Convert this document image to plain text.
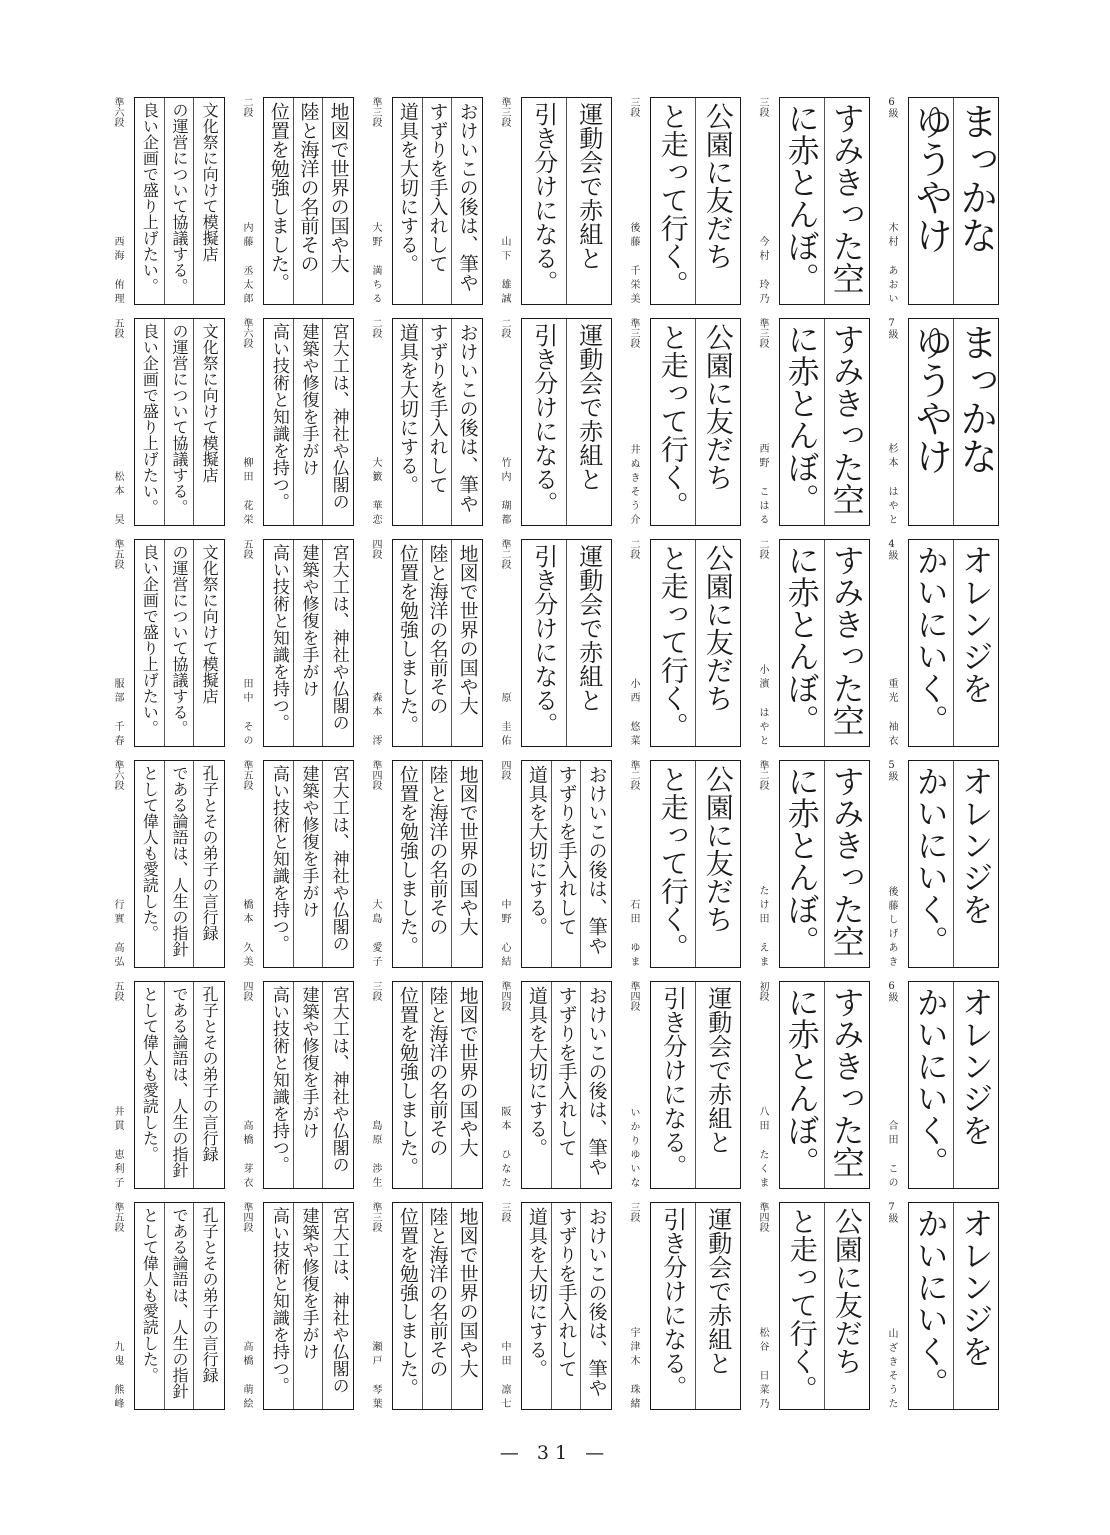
まっかな
ゆうやけ
6級
木村 あおい
すみきった空
に赤とんぼ。
三段
今村 玲乃
公園に友だち
と走って行く。
三段
後藤 千栄美
運動会で赤組と
引き分けになる。
準三段
山下 雄誠
おけいこの後は、筆や
すずりを手入れして
道具を大切にする。
準三段
大野 満ちる
地図で世界の国や大
陸と海洋の名前その
位置を勉強しました。
二段
内藤 丞太郎
文化祭に向けて模擬店
の運営について協議する。
良い企画で盛り上げたい。
準六段
西海 侑理
まっかな
ゆうやけ
7級
杉本 はやと
すみきった空
に赤とんぼ。
準三段
西野 こはる
公園に友だち
と走って行く。
準三段
井ぬきそう介
運動会で赤組と
引き分けになる。
二段
竹内 瑚都
おけいこの後は、筆や
すずりを手入れして
道具を大切にする。
二段
大籔 華恋
宮大工は、神社や仏閣の
建築や修復を手がけ
高い技術と知識を持つ。
準六段
柳田 花栄
文化祭に向けて模擬店
の運営について協議する。
良い企画で盛り上げたい。
五段
松本 昊
オレンジを
かいにいく。
4級
重光 袖衣
すみきった空
に赤とんぼ。
二段
小濱 はやと
公園に友だち
と走って行く。
二段
小西 悠菜
運動会で赤組と
引き分けになる。
準二段
原 圭佑
地図で世界の国や大
陸と海洋の名前その
位置を勉強しました。
四段
森本 澪
宮大工は、神社や仏閣の
建築や修復を手がけ
高い技術と知識を持つ。
五段
田中 その
文化祭に向けて模擬店
の運営について協議する。
良い企画で盛り上げたい。
準五段
服部 千春
オレンジを
かいにいく。
5級
後藤しげあき
すみきった空
に赤とんぼ。
準二段
たけ田 えま
公園に友だち
と走って行く。
準二段
石田 ゆま
おけいこの後は、筆や
すずりを手入れして
道具を大切にする。
四段
中野 心結
地図で世界の国や大
陸と海洋の名前その
位置を勉強しました。
準四段
大島 愛子
宮大工は、神社や仏閣の
建築や修復を手がけ
高い技術と知識を持つ。
準五段
橋本 久美
孔子とその弟子の言行録
である論語は、人生の指針
として偉人も愛読した。
準六段
行實 高弘
オレンジを
かいにいく。
6級
合田 この
すみきった空
に赤とんぼ。
初段
八田 たくま
運動会で赤組と
引き分けになる。
準四段
いかりゆいな
おけいこの後は、筆や
すずりを手入れして
道具を大切にする。
準四段
阪本 ひなた
地図で世界の国や大
陸と海洋の名前その
位置を勉強しました。
三段
島原 渉生
宮大工は、神社や仏閣の
建築や修復を手がけ
高い技術と知識を持つ。
四段
高橋 芽衣
孔子とその弟子の言行録
である論語は、人生の指針
として偉人も愛読した。
五段
井貫 恵利子
オレンジを
かいにいく。
7級
山ざきそうた
公園に友だち
と走って行く。
準四段
松谷 日菜乃
運動会で赤組と
引き分けになる。
三段
宇津木 珠緒
おけいこの後は、筆や
すずりを手入れして
道具を大切にする。
三段
中田 凛七
地図で世界の国や大
陸と海洋の名前その
位置を勉強しました。
準三段
瀬戸 琴葉
宮大工は、神社や仏閣の
建築や修復を手がけ
高い技術と知識を持つ。
準四段
高橋 萌絵
孔子とその弟子の言行録
である論語は、人生の指針
として偉人も愛読した。
準五段
九鬼 熊峰
— 31 —
